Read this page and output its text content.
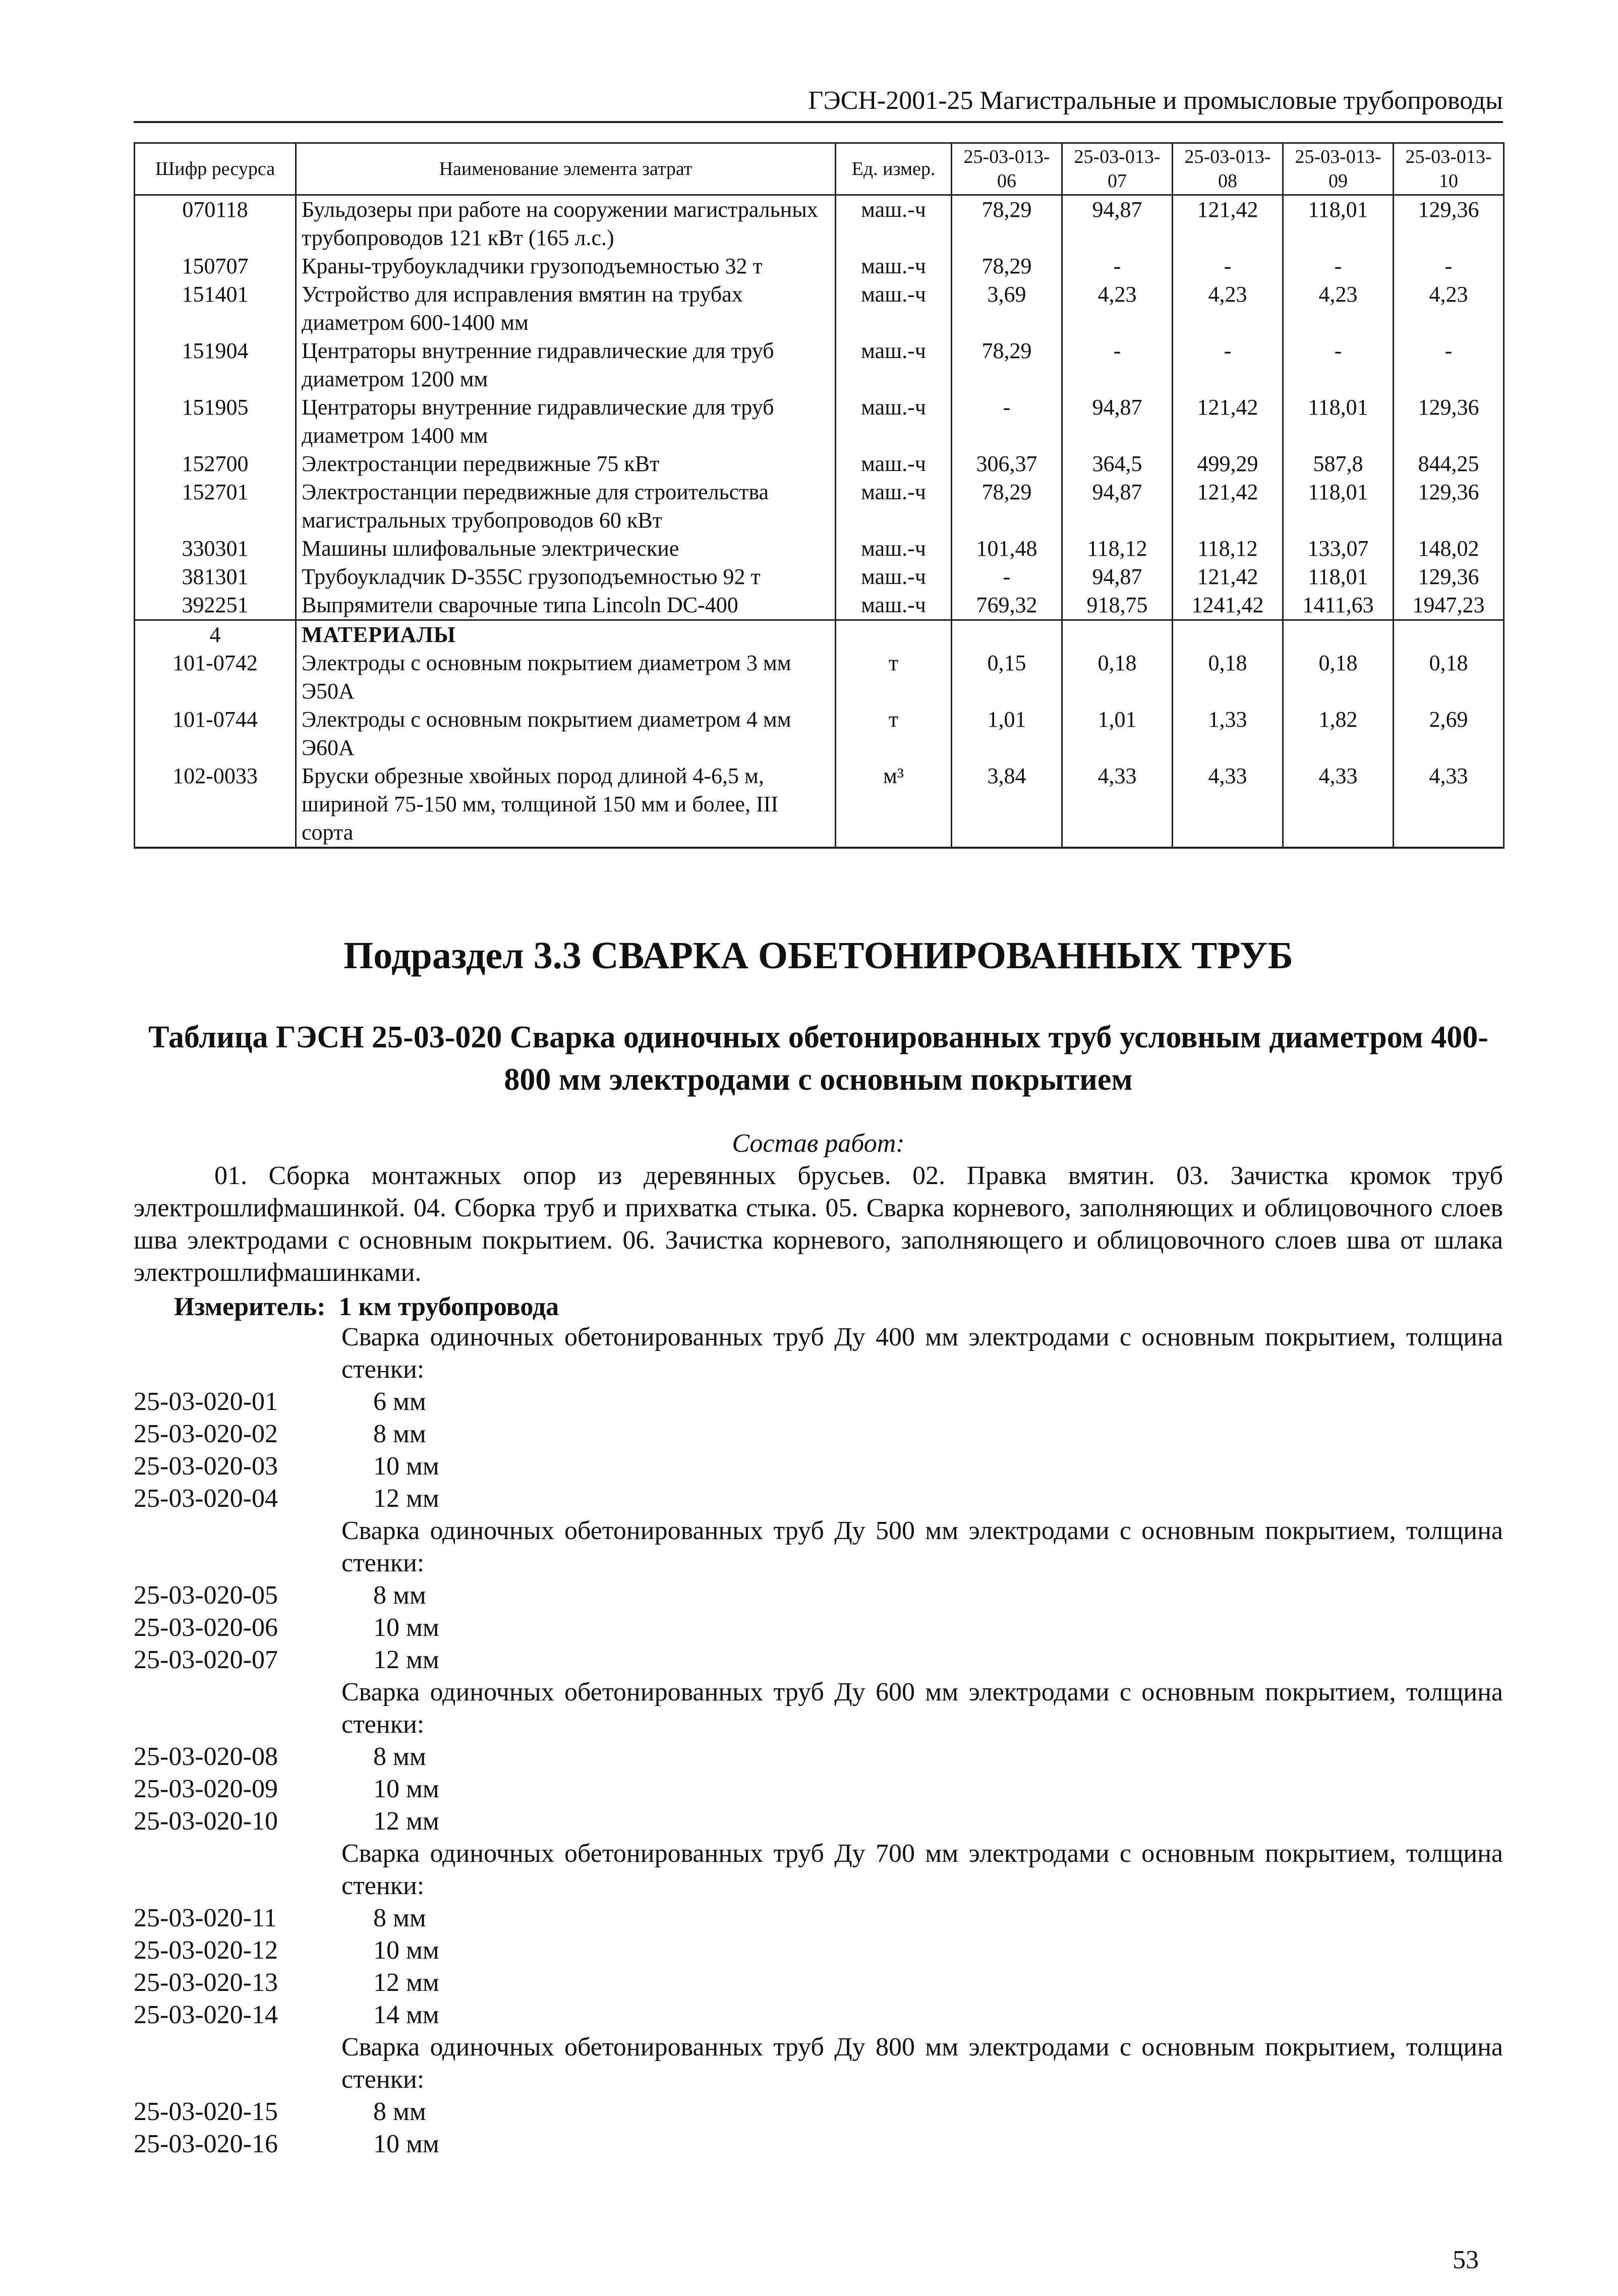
ГЭСН-2001-25 Магистральные и промысловые трубопроводы
Шифр ресурса	Наименование элемента затрат	Ед. измер.	25-03-013-06	25-03-013-07	25-03-013-08	25-03-013-09	25-03-013-10
070118	Бульдозеры при работе на сооружении магистральных трубопроводов 121 кВт (165 л.с.)	маш.-ч	78,29	94,87	121,42	118,01	129,36
150707	Краны-трубоукладчики грузоподъемностью 32 т	маш.-ч	78,29	-	-	-	-
151401	Устройство для исправления вмятин на трубах диаметром 600-1400 мм	маш.-ч	3,69	4,23	4,23	4,23	4,23
151904	Центраторы внутренние гидравлические для труб диаметром 1200 мм	маш.-ч	78,29	-	-	-	-
151905	Центраторы внутренние гидравлические для труб диаметром 1400 мм	маш.-ч	-	94,87	121,42	118,01	129,36
152700	Электростанции передвижные 75 кВт	маш.-ч	306,37	364,5	499,29	587,8	844,25
152701	Электростанции передвижные для строительства магистральных трубопроводов 60 кВт	маш.-ч	78,29	94,87	121,42	118,01	129,36
330301	Машины шлифовальные электрические	маш.-ч	101,48	118,12	118,12	133,07	148,02
381301	Трубоукладчик D-355C грузоподъемностью 92 т	маш.-ч	-	94,87	121,42	118,01	129,36
392251	Выпрямители сварочные типа Lincoln DC-400	маш.-ч	769,32	918,75	1241,42	1411,63	1947,23
4	МАТЕРИАЛЫ						
101-0742	Электроды с основным покрытием диаметром 3 мм Э50А	т	0,15	0,18	0,18	0,18	0,18
101-0744	Электроды с основным покрытием диаметром 4 мм Э60А	т	1,01	1,01	1,33	1,82	2,69
102-0033	Бруски обрезные хвойных пород длиной 4-6,5 м, шириной 75-150 мм, толщиной 150 мм и более, III сорта	м³	3,84	4,33	4,33	4,33	4,33
Подраздел 3.3 СВАРКА ОБЕТОНИРОВАННЫХ ТРУБ
Таблица ГЭСН 25-03-020 Сварка одиночных обетонированных труб условным диаметром 400-800 мм электродами с основным покрытием
Состав работ:
01. Сборка монтажных опор из деревянных брусьев. 02. Правка вмятин. 03. Зачистка кромок труб электрошлифмашинкой. 04. Сборка труб и прихватка стыка. 05. Сварка корневого, заполняющих и облицовочного слоев шва электродами с основным покрытием. 06. Зачистка корневого, заполняющего и облицовочного слоев шва от шлака электрошлифмашинками.
Измеритель: 1 км трубопровода
Сварка одиночных обетонированных труб Ду 400 мм электродами с основным покрытием, толщина стенки:
25-03-020-01	6 мм
25-03-020-02	8 мм
25-03-020-03	10 мм
25-03-020-04	12 мм
Сварка одиночных обетонированных труб Ду 500 мм электродами с основным покрытием, толщина стенки:
25-03-020-05	8 мм
25-03-020-06	10 мм
25-03-020-07	12 мм
Сварка одиночных обетонированных труб Ду 600 мм электродами с основным покрытием, толщина стенки:
25-03-020-08	8 мм
25-03-020-09	10 мм
25-03-020-10	12 мм
Сварка одиночных обетонированных труб Ду 700 мм электродами с основным покрытием, толщина стенки:
25-03-020-11	8 мм
25-03-020-12	10 мм
25-03-020-13	12 мм
25-03-020-14	14 мм
Сварка одиночных обетонированных труб Ду 800 мм электродами с основным покрытием, толщина стенки:
25-03-020-15	8 мм
25-03-020-16	10 мм
53
